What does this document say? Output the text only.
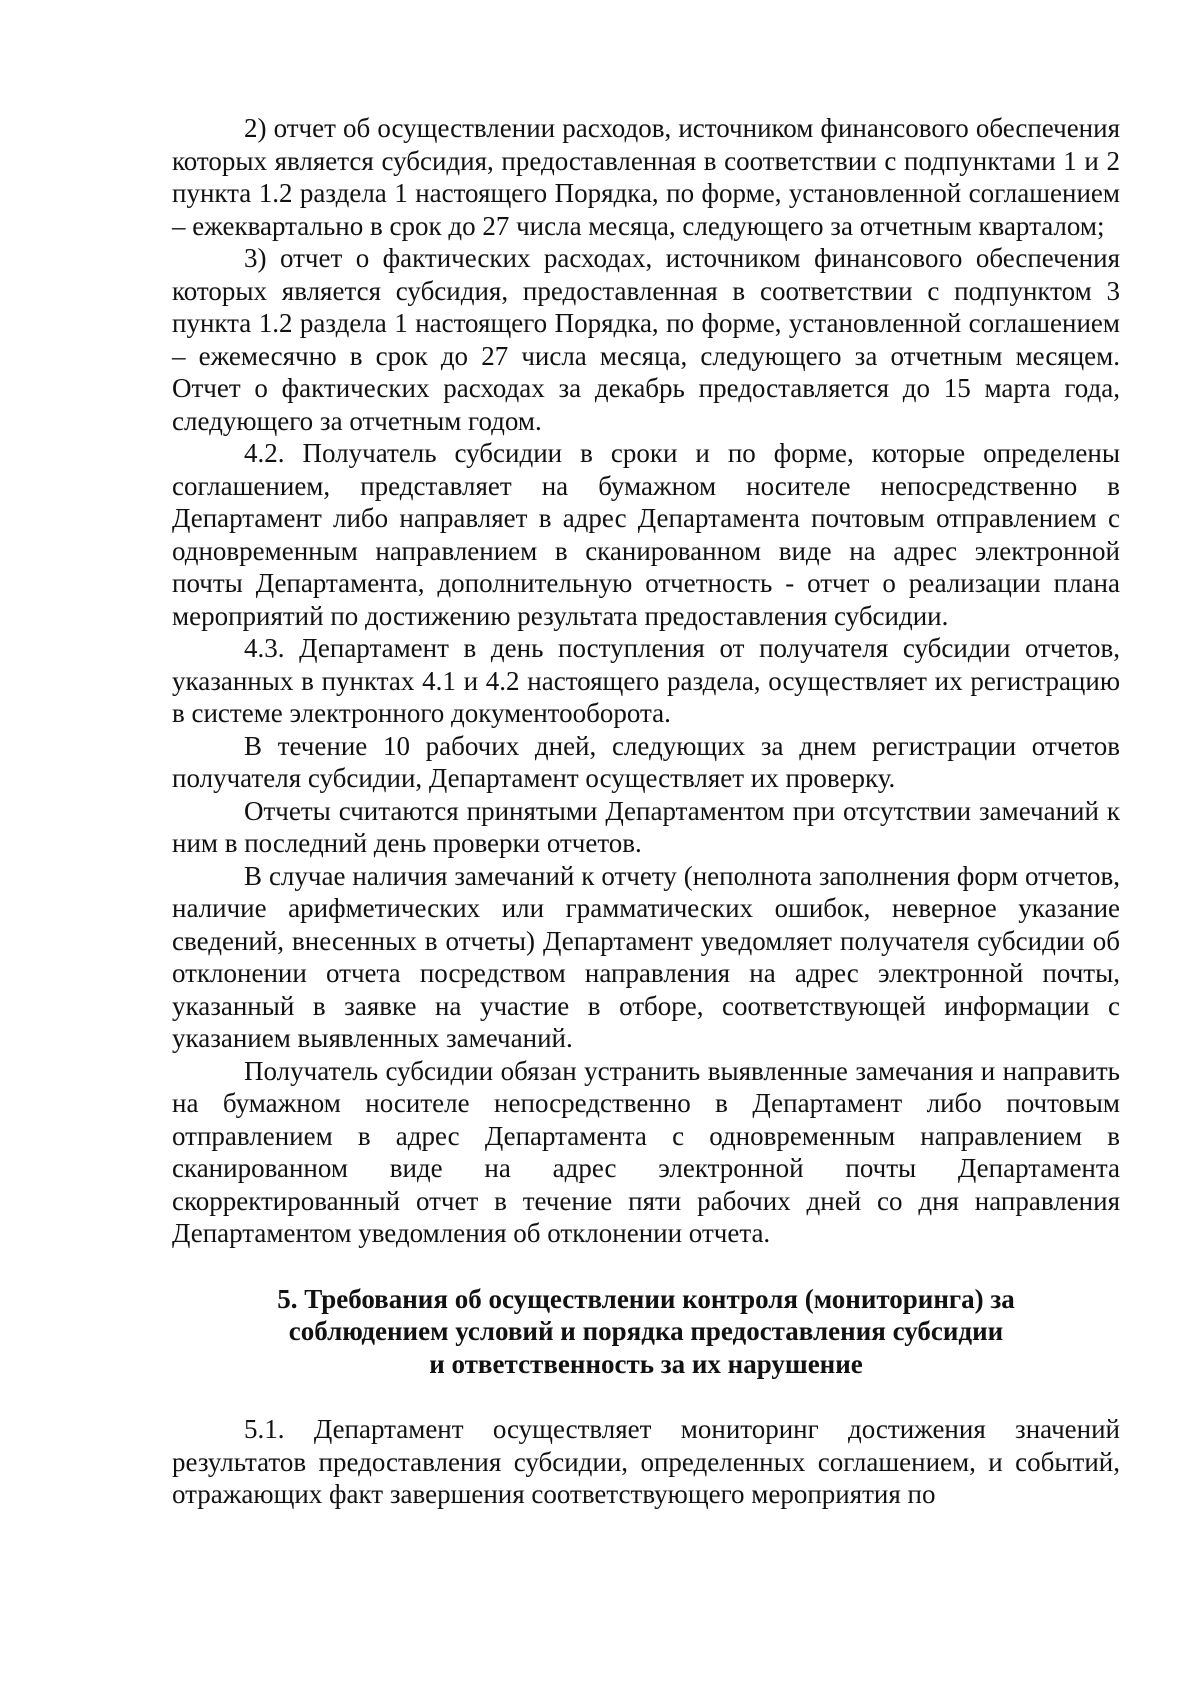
2) отчет об осуществлении расходов, источником финансового обеспечения которых является субсидия, предоставленная в соответствии с подпунктами 1 и 2 пункта 1.2 раздела 1 настоящего Порядка, по форме, установленной соглашением – ежеквартально в срок до 27 числа месяца, следующего за отчетным кварталом;

3) отчет о фактических расходах, источником финансового обеспечения которых является субсидия, предоставленная в соответствии с подпунктом 3 пункта 1.2 раздела 1 настоящего Порядка, по форме, установленной соглашением – ежемесячно в срок до 27 числа месяца, следующего за отчетным месяцем. Отчет о фактических расходах за декабрь предоставляется до 15 марта года, следующего за отчетным годом.

4.2. Получатель субсидии в сроки и по форме, которые определены соглашением, представляет на бумажном носителе непосредственно в Департамент либо направляет в адрес Департамента почтовым отправлением с одновременным направлением в сканированном виде на адрес электронной почты Департамента, дополнительную отчетность - отчет о реализации плана мероприятий по достижению результата предоставления субсидии.

4.3. Департамент в день поступления от получателя субсидии отчетов, указанных в пунктах 4.1 и 4.2 настоящего раздела, осуществляет их регистрацию в системе электронного документооборота.

В течение 10 рабочих дней, следующих за днем регистрации отчетов получателя субсидии, Департамент осуществляет их проверку.

Отчеты считаются принятыми Департаментом при отсутствии замечаний к ним в последний день проверки отчетов.

В случае наличия замечаний к отчету (неполнота заполнения форм отчетов, наличие арифметических или грамматических ошибок, неверное указание сведений, внесенных в отчеты) Департамент уведомляет получателя субсидии об отклонении отчета посредством направления на адрес электронной почты, указанный в заявке на участие в отборе, соответствующей информации с указанием выявленных замечаний.

Получатель субсидии обязан устранить выявленные замечания и направить на бумажном носителе непосредственно в Департамент либо почтовым отправлением в адрес Департамента с одновременным направлением в сканированном виде на адрес электронной почты Департамента скорректированный отчет в течение пяти рабочих дней со дня направления Департаментом уведомления об отклонении отчета.

5. Требования об осуществлении контроля (мониторинга) за
соблюдением условий и порядка предоставления субсидии
и ответственность за их нарушение

5.1. Департамент осуществляет мониторинг достижения значений результатов предоставления субсидии, определенных соглашением, и событий, отражающих факт завершения соответствующего мероприятия по
